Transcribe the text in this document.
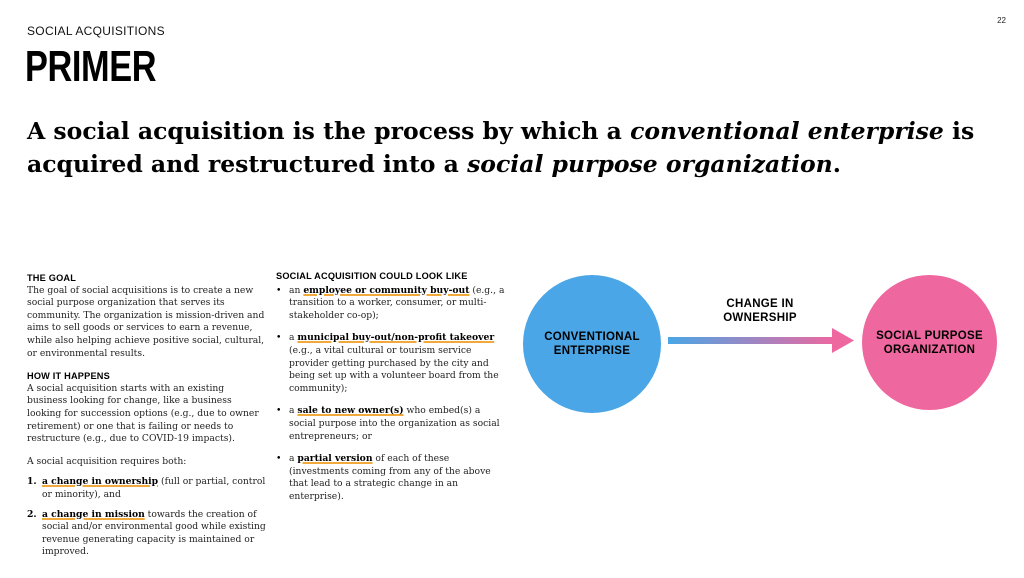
SOCIAL ACQUISITIONS
22
PRIMER
A social acquisition is the process by which a conventional enterprise is acquired and restructured into a social purpose organization.
THE GOAL

The goal of social acquisitions is to create a new social purpose organization that serves its community. The organization is mission-driven and aims to sell goods or services to earn a revenue, while also helping achieve positive social, cultural, or environmental results.

HOW IT HAPPENS

A social acquisition starts with an existing business looking for change, like a business looking for succession options (e.g., due to owner retirement) or one that is failing or needs to restructure (e.g., due to COVID-19 impacts).

A social acquisition requires both:

1. a change in ownership (full or partial, control or minority), and
2. a change in mission towards the creation of social and/or environmental good while existing revenue generating capacity is maintained or improved.
SOCIAL ACQUISITION COULD LOOK LIKE
• an employee or community buy-out (e.g., a transition to a worker, consumer, or multi-stakeholder co-op);
• a municipal buy-out/non-profit takeover (e.g., a vital cultural or tourism service provider getting purchased by the city and being set up with a volunteer board from the community);
• a sale to new owner(s) who embed(s) a social purpose into the organization as social entrepreneurs; or
• a partial version of each of these (investments coming from any of the above that lead to a strategic change in an enterprise).
CONVENTIONAL
ENTERPRISE
CHANGE IN
OWNERSHIP
SOCIAL PURPOSE
ORGANIZATION
